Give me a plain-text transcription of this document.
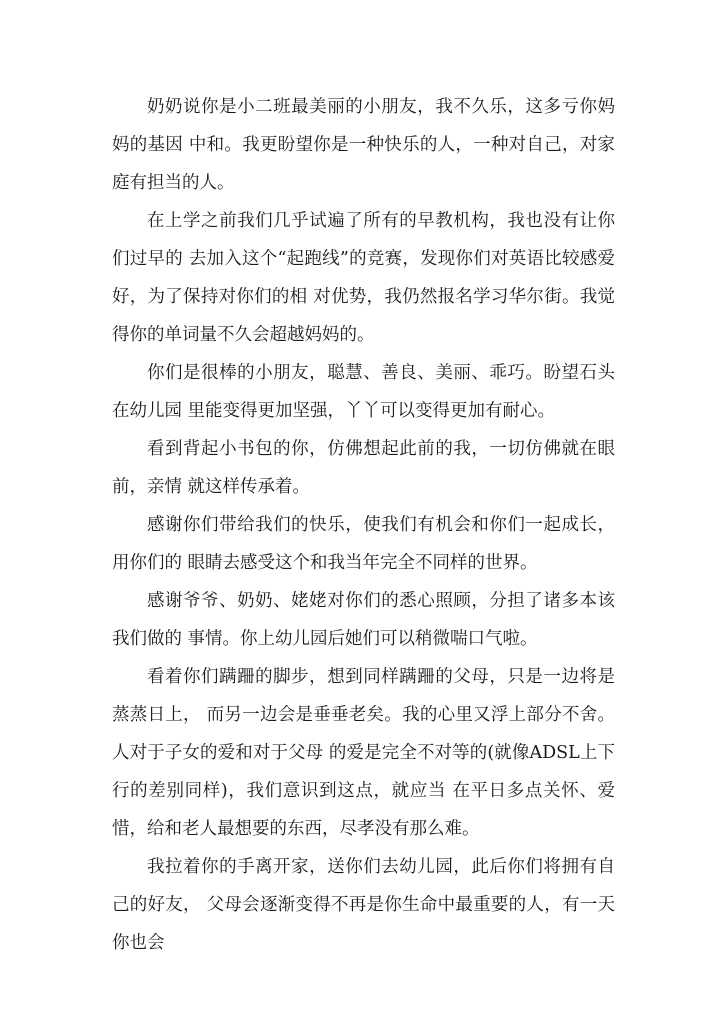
奶奶说你是小二班最美丽的小朋友，我不久乐，这多亏你妈妈的基因 中和。我更盼望你是一种快乐的人，一种对自己，对家庭有担当的人。

在上学之前我们几乎试遍了所有的早教机构，我也没有让你们过早的 去加入这个“起跑线”的竞赛，发现你们对英语比较感爱好，为了保持对你们的相 对优势，我仍然报名学习华尔街。我觉得你的单词量不久会超越妈妈的。

你们是很棒的小朋友，聪慧、善良、美丽、乖巧。盼望石头在幼儿园 里能变得更加坚强，丫丫可以变得更加有耐心。

看到背起小书包的你，仿佛想起此前的我，一切仿佛就在眼前，亲情 就这样传承着。

感谢你们带给我们的快乐，使我们有机会和你们一起成长，用你们的 眼睛去感受这个和我当年完全不同样的世界。

感谢爷爷、奶奶、姥姥对你们的悉心照顾，分担了诸多本该我们做的 事情。你上幼儿园后她们可以稍微喘口气啦。

看着你们蹒跚的脚步，想到同样蹒跚的父母，只是一边将是蒸蒸日上， 而另一边会是垂垂老矣。我的心里又浮上部分不舍。人对于子女的爱和对于父母 的爱是完全不对等的(就像ADSL上下行的差别同样)，我们意识到这点，就应当 在平日多点关怀、爱惜，给和老人最想要的东西，尽孝没有那么难。

我拉着你的手离开家，送你们去幼儿园，此后你们将拥有自己的好友， 父母会逐渐变得不再是你生命中最重要的人，有一天你也会
